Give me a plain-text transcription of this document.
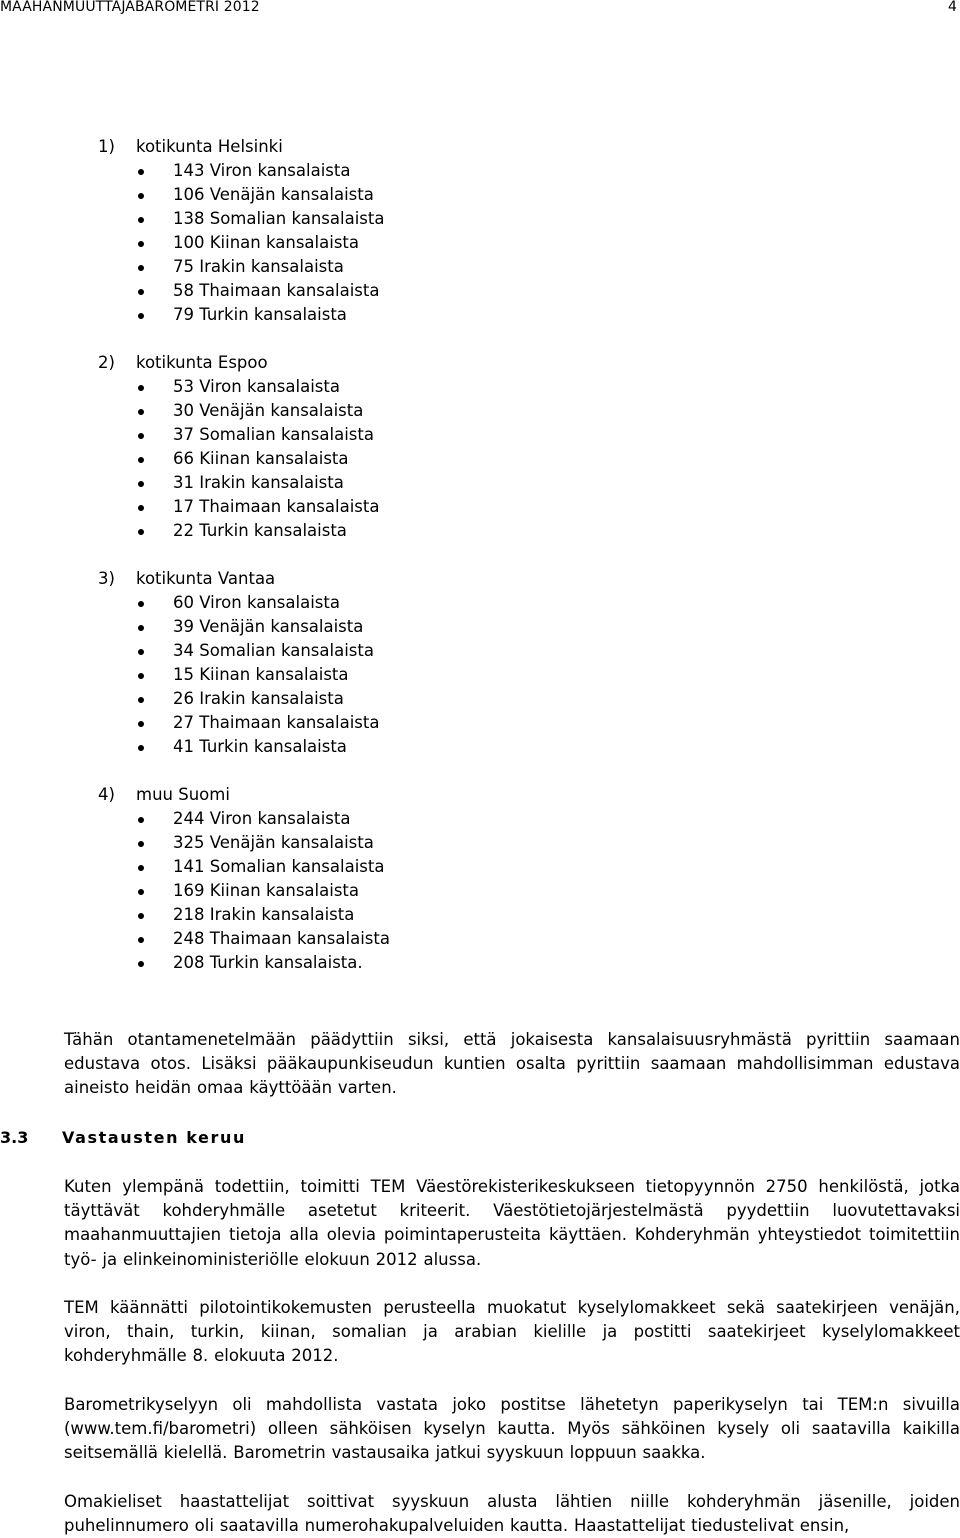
MAAHANMUUTTAJABAROMETRI 2012	4
1) kotikunta Helsinki
143 Viron kansalaista
106 Venäjän kansalaista
138 Somalian kansalaista
100 Kiinan kansalaista
75 Irakin kansalaista
58 Thaimaan kansalaista
79 Turkin kansalaista
2) kotikunta Espoo
53 Viron kansalaista
30 Venäjän kansalaista
37 Somalian kansalaista
66 Kiinan kansalaista
31 Irakin kansalaista
17 Thaimaan kansalaista
22 Turkin kansalaista
3) kotikunta Vantaa
60 Viron kansalaista
39 Venäjän kansalaista
34 Somalian kansalaista
15 Kiinan kansalaista
26 Irakin kansalaista
27 Thaimaan kansalaista
41 Turkin kansalaista
4) muu Suomi
244 Viron kansalaista
325 Venäjän kansalaista
141 Somalian kansalaista
169 Kiinan kansalaista
218 Irakin kansalaista
248 Thaimaan kansalaista
208 Turkin kansalaista.

Tähän otantamenetelmään päädyttiin siksi, että jokaisesta kansalaisuusryhmästä pyrittiin saamaan edustava otos. Lisäksi pääkaupunkiseudun kuntien osalta pyrittiin saamaan mahdollisimman edustava aineisto heidän omaa käyttöään varten.

3.3 Vastausten keruu

Kuten ylempänä todettiin, toimitti TEM Väestörekisterikeskukseen tietopyynnön 2750 henkilöstä, jotka täyttävät kohderyhmälle asetetut kriteerit. Väestötietojärjestelmästä pyydettiin luovutettavaksi maahanmuuttajien tietoja alla olevia poimintaperusteita käyttäen. Kohderyhmän yhteystiedot toimitettiin työ- ja elinkeinoministeriölle elokuun 2012 alussa.

TEM käännätti pilotointikokemusten perusteella muokatut kyselylomakkeet sekä saatekirjeen venäjän, viron, thain, turkin, kiinan, somalian ja arabian kielille ja postitti saatekirjeet kyselylomakkeet kohderyhmälle 8. elokuuta 2012.

Barometrikyselyyn oli mahdollista vastata joko postitse lähetetyn paperikyselyn tai TEM:n sivuilla (www.tem.fi/barometri) olleen sähköisen kyselyn kautta. Myös sähköinen kysely oli saatavilla kaikilla seitsemällä kielellä. Barometrin vastausaika jatkui syyskuun loppuun saakka.

Omakieliset haastattelijat soittivat syyskuun alusta lähtien niille kohderyhmän jäsenille, joiden puhelinnumero oli saatavilla numerohakupalveluiden kautta. Haastattelijat tiedustelivat ensin,
